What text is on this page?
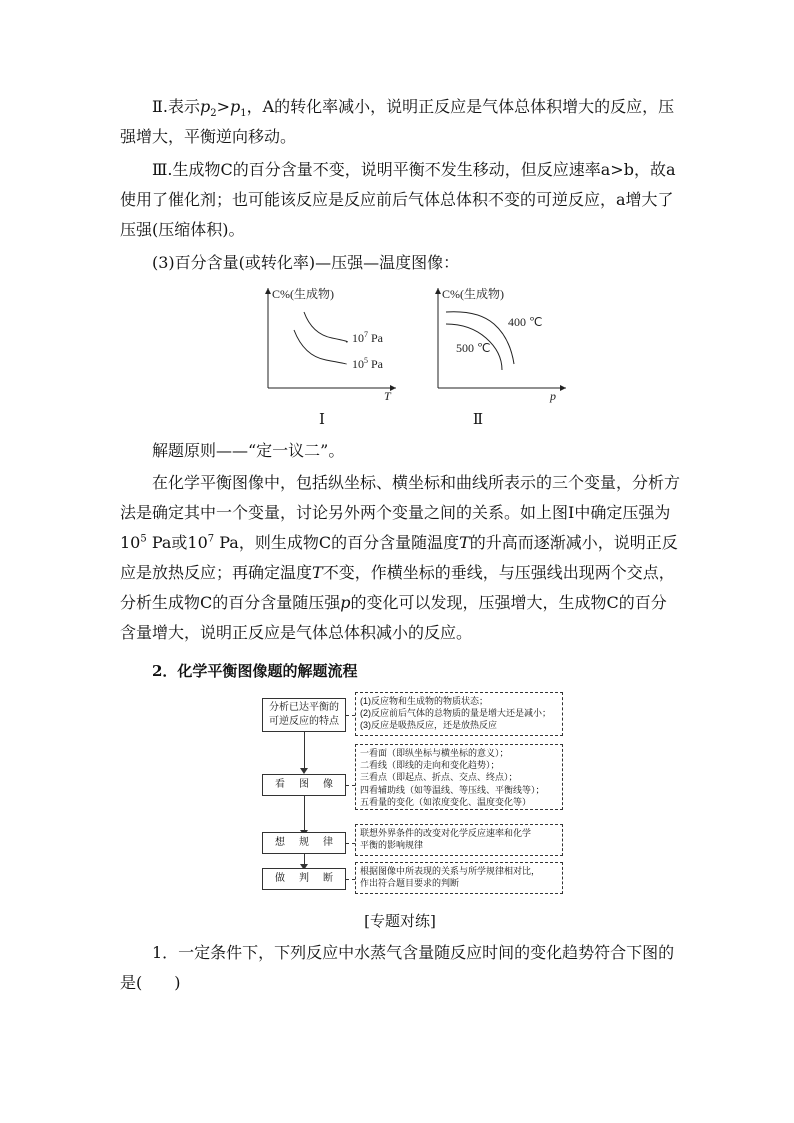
Ⅱ.表示$p_2>p_1$，A的转化率减小，说明正反应是气体总体积增大的反应，压强增大，平衡逆向移动。

Ⅲ.生成物C的百分含量不变，说明平衡不发生移动，但反应速率a>b，故a使用了催化剂；也可能该反应是反应前后气体总体积不变的可逆反应，a增大了压强(压缩体积)。

(3)百分含量(或转化率)—压强—温度图像：

C%(生成物)
T
$10^7$ Pa
$10^5$ Pa
Ⅰ
C%(生成物)
p
400 ℃
500 ℃
Ⅱ

解题原则——“定一议二”。

在化学平衡图像中，包括纵坐标、横坐标和曲线所表示的三个变量，分析方法是确定其中一个变量，讨论另外两个变量之间的关系。如上图Ⅰ中确定压强为$10^5$ Pa或$10^7$ Pa，则生成物C的百分含量随温度T的升高而逐渐减小，说明正反应是放热反应；再确定温度T不变，作横坐标的垂线，与压强线出现两个交点，分析生成物C的百分含量随压强p的变化可以发现，压强增大，生成物C的百分含量增大，说明正反应是气体总体积减小的反应。

2．化学平衡图像题的解题流程

分析已达平衡的可逆反应的特点
(1)反应物和生成物的物质状态；
(2)反应前后气体的总物质的量是增大还是减小；
(3)反应是吸热反应，还是放热反应
看图像
一看面（即纵坐标与横坐标的意义）；
二看线（即线的走向和变化趋势）；
三看点（即起点、折点、交点、终点）；
四看辅助线（如等温线、等压线、平衡线等）；
五看量的变化（如浓度变化、温度变化等）
想规律
联想外界条件的改变对化学反应速率和化学
平衡的影响规律
做判断
根据图像中所表现的关系与所学规律相对比，
作出符合题目要求的判断
[专题对练]

1．一定条件下，下列反应中水蒸气含量随反应时间的变化趋势符合下图的是(　　)
